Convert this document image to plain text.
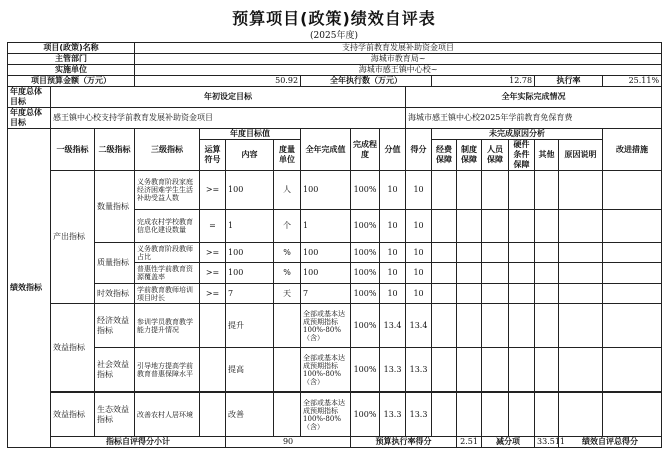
预算项目(政策)绩效自评表
(2025年度)
项目(政策)名称			支持学前教育发展补助资金项目															
主管部门			海城市教育局~															
实施单位			海城市感王镇中心校~															
项目预算金额（万元）			50.92				全年执行数（万元）				12.78				执行率		25.11%	
年度总体目标	年初设定目标									全年实际完成情况								
年度总体目标	感王镇中心校支持学前教育发展补助资金项目									海城市感王镇中心校2025年学前教育免保育费								
绩效指标	一级指标	二级指标	三级指标	年度目标值			全年完成值	完成程度	分值	得分	未完成原因分析						改进措施	
				运算符号	内容	度量单位					经费保障	制度保障	人员保障	硬件条件保障	其他	原因说明		
	产出指标	数量指标	义务教育阶段家庭经济困难学生生活补助受益人数	>=	100	人	100	100%	10	10								
			完成农村学校教育信息化建设数量	=	1	个	1	100%	10	10								
		质量指标	义务教育阶段教师占比	>=	100	%	100	100%	10	10								
			普惠性学前教育资源覆盖率	>=	100	%	100	100%	10	10								
		时效指标	学前教育教师培训项目时长	>=	7	天	7	100%	10	10								
	效益指标	经济效益指标	参训学员教育教学能力提升情况		提升		全部或基本达成预期指标100%-80%（含）	100%	13.4	13.4								
		社会效益指标	引导地方提高学前教育普惠保障水平		提高		全部或基本达成预期指标100%-80%（含）	100%	13.3	13.3								

	效益指标	生态效益指标	改善农村人居环境		改善		全部或基本达成预期指标100%-80%（含）	100%	13.3	13.3								
	指标自评得分小计				90			预算执行率得分				2.51	减分项		33.511	绩效自评总得分	
